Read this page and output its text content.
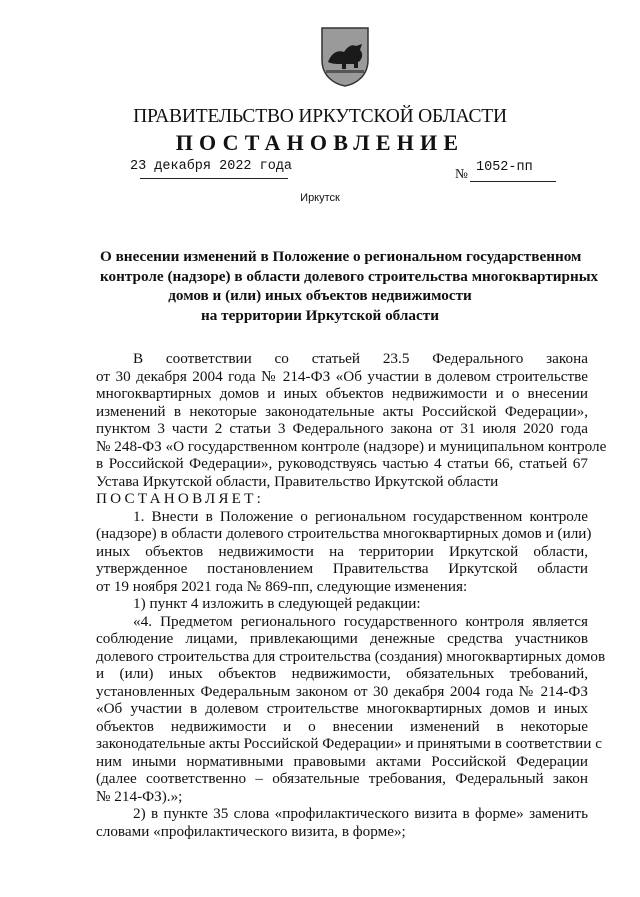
ПРАВИТЕЛЬСТВО ИРКУТСКОЙ ОБЛАСТИ
ПОСТАНОВЛЕНИЕ
23 декабря 2022 года	№ 1052-пп
Иркутск
О внесении изменений в Положение о региональном государственном
контроле (надзоре) в области долевого строительства многоквартирных
домов и (или) иных объектов недвижимости
на территории Иркутской области
В соответствии со статьей 23.5 Федерального закона
от 30 декабря 2004 года № 214-ФЗ «Об участии в долевом строительстве
многоквартирных домов и иных объектов недвижимости и о внесении
изменений в некоторые законодательные акты Российской Федерации»,
пунктом 3 части 2 статьи 3 Федерального закона от 31 июля 2020 года
№ 248-ФЗ «О государственном контроле (надзоре) и муниципальном контроле
в Российской Федерации», руководствуясь частью 4 статьи 66, статьей 67
Устава Иркутской области, Правительство Иркутской области
ПОСТАНОВЛЯЕТ:
1. Внести в Положение о региональном государственном контроле
(надзоре) в области долевого строительства многоквартирных домов и (или)
иных объектов недвижимости на территории Иркутской области,
утвержденное постановлением Правительства Иркутской области
от 19 ноября 2021 года № 869-пп, следующие изменения:
1) пункт 4 изложить в следующей редакции:
«4. Предметом регионального государственного контроля является
соблюдение лицами, привлекающими денежные средства участников
долевого строительства для строительства (создания) многоквартирных домов
и (или) иных объектов недвижимости, обязательных требований,
установленных Федеральным законом от 30 декабря 2004 года № 214-ФЗ
«Об участии в долевом строительстве многоквартирных домов и иных
объектов недвижимости и о внесении изменений в некоторые
законодательные акты Российской Федерации» и принятыми в соответствии с
ним иными нормативными правовыми актами Российской Федерации
(далее соответственно – обязательные требования, Федеральный закон
№ 214-ФЗ).»;
2) в пункте 35 слова «профилактического визита в форме» заменить
словами «профилактического визита, в форме»;
